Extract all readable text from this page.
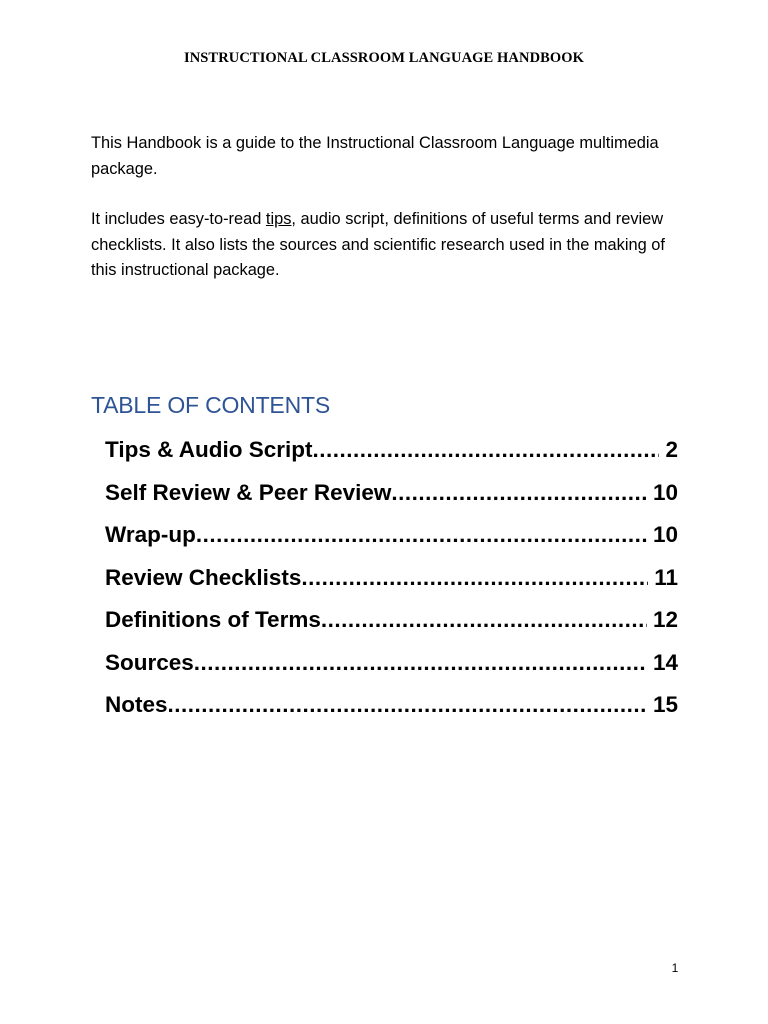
INSTRUCTIONAL CLASSROOM LANGUAGE HANDBOOK

This Handbook is a guide to the Instructional Classroom Language multimedia package.

It includes easy-to-read tips, audio script, definitions of useful terms and review checklists. It also lists the sources and scientific research used in the making of this instructional package.

TABLE OF CONTENTS
Tips & Audio Script .....	2
Self Review & Peer Review .....	10
Wrap-up .....	10
Review Checklists .....	11
Definitions of Terms .....	12
Sources .....	14
Notes .....	15
1
